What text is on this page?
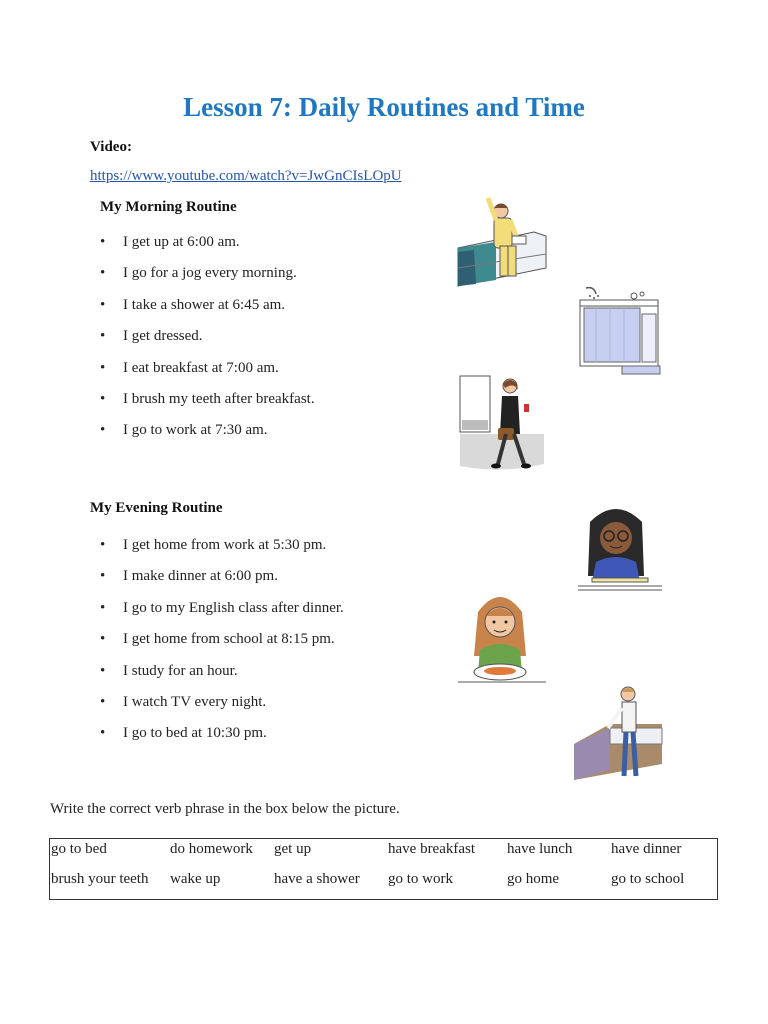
Lesson 7: Daily Routines and Time
Video:
https://www.youtube.com/watch?v=JwGnCIsLOpU
My Morning Routine
• I get up at 6:00 am.
• I go for a jog every morning.
• I take a shower at 6:45 am.
• I get dressed.
• I eat breakfast at 7:00 am.
• I brush my teeth after breakfast.
• I go to work at 7:30 am.
My Evening Routine
• I get home from work at 5:30 pm.
• I make dinner at 6:00 pm.
• I go to my English class after dinner.
• I get home from school at 8:15 pm.
• I study for an hour.
• I watch TV every night.
• I go to bed at 10:30 pm.
Write the correct verb phrase in the box below the picture.
go to bed	do homework	get up	have breakfast	have lunch	have dinner
brush your teeth	wake up	have a shower	go to work	go home	go to school
